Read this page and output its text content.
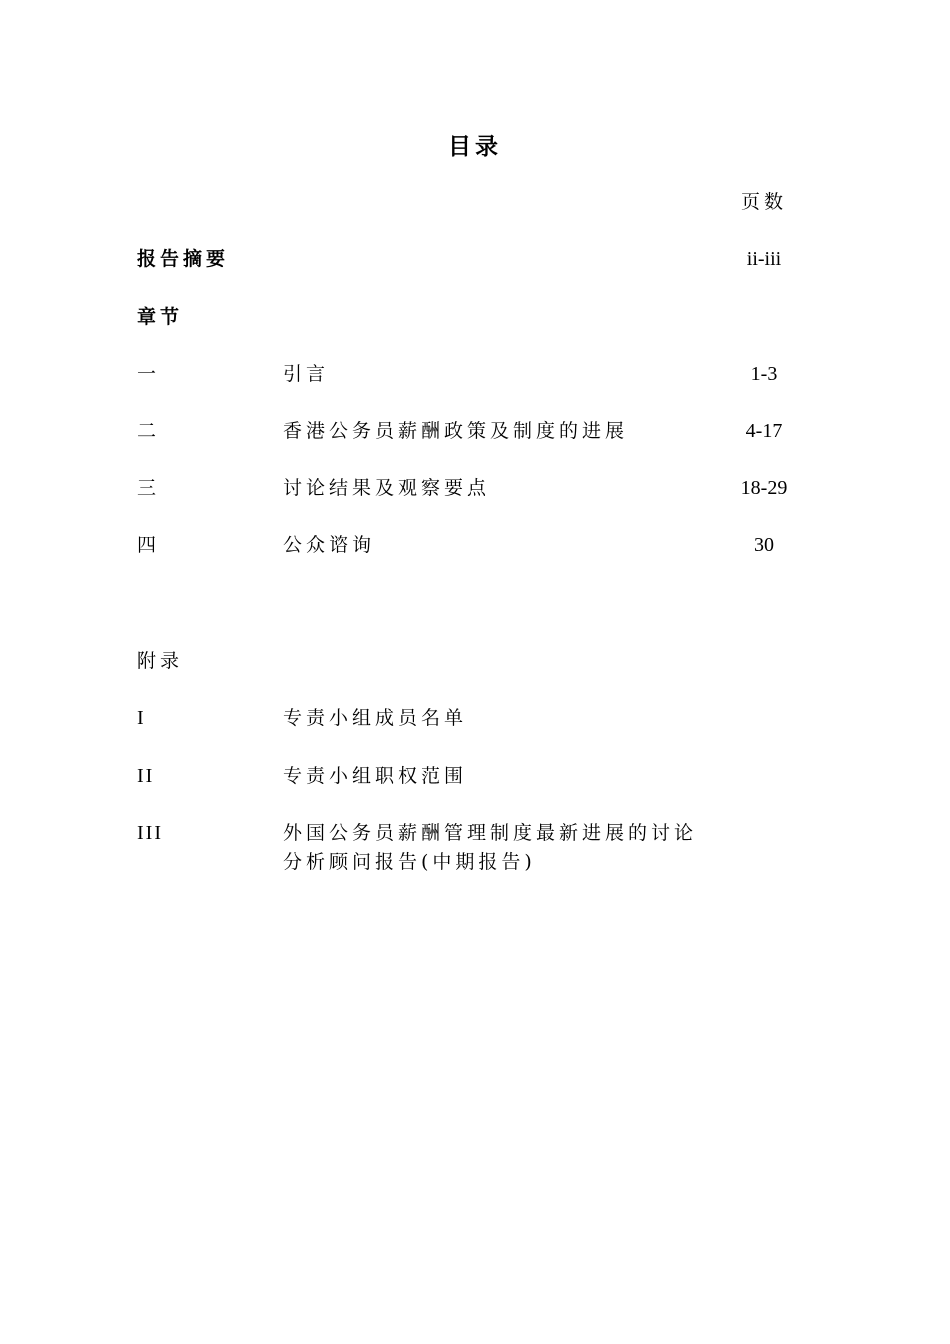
目录
页数
报告摘要	ii-iii
章节
一	引言	1-3
二	香港公务员薪酬政策及制度的进展	4-17
三	讨论结果及观察要点	18-29
四	公众谘询	30
附录
I	专责小组成员名单
II	专责小组职权范围
III	外国公务员薪酬管理制度最新进展的讨论分析顾问报告(中期报告)
